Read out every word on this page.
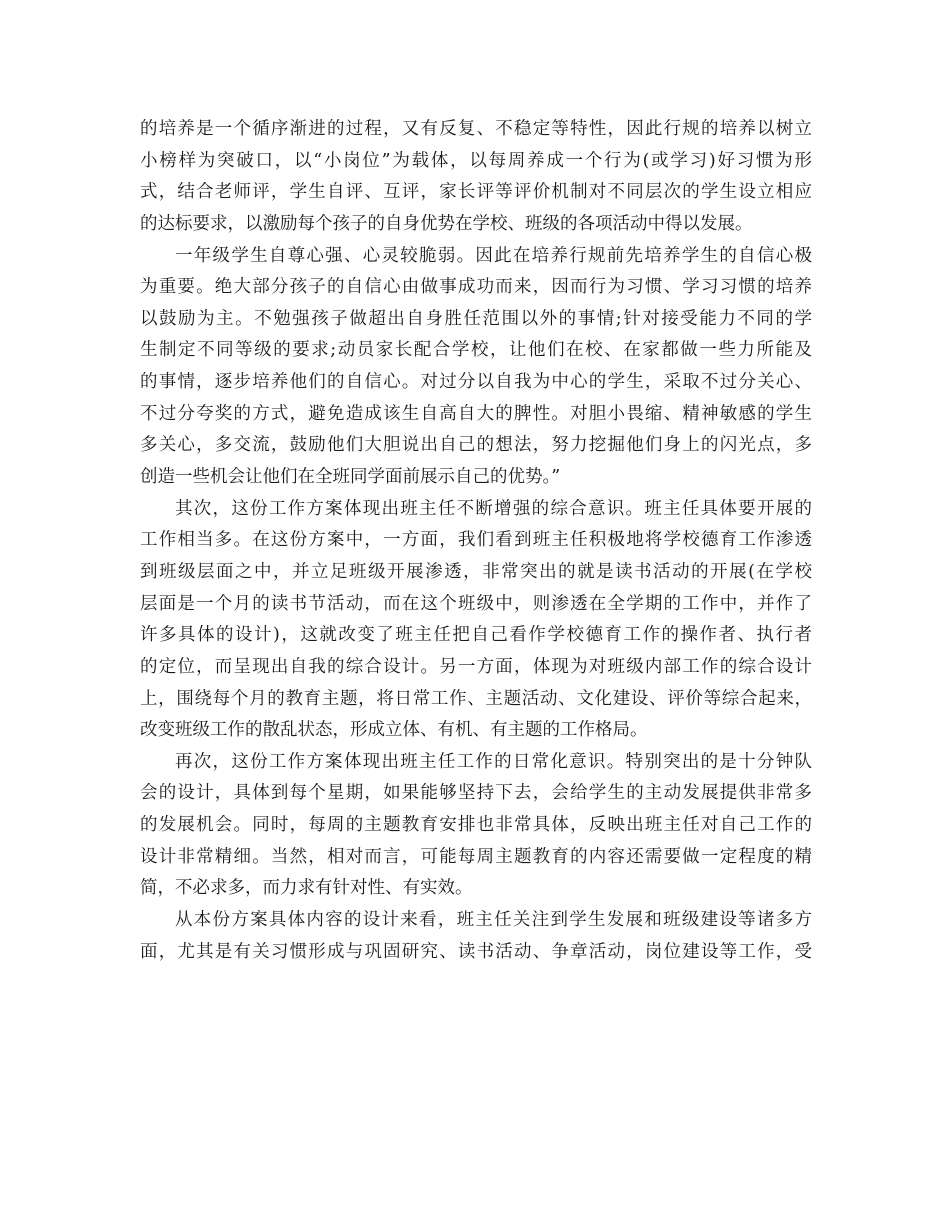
的培养是一个循序渐进的过程，又有反复、不稳定等特性，因此行规的培养以树立
小榜样为突破口，以“小岗位”为载体，以每周养成一个行为(或学习)好习惯为形
式，结合老师评，学生自评、互评，家长评等评价机制对不同层次的学生设立相应
的达标要求，以激励每个孩子的自身优势在学校、班级的各项活动中得以发展。
一年级学生自尊心强、心灵较脆弱。因此在培养行规前先培养学生的自信心极
为重要。绝大部分孩子的自信心由做事成功而来，因而行为习惯、学习习惯的培养
以鼓励为主。不勉强孩子做超出自身胜任范围以外的事情;针对接受能力不同的学
生制定不同等级的要求;动员家长配合学校，让他们在校、在家都做一些力所能及
的事情，逐步培养他们的自信心。对过分以自我为中心的学生，采取不过分关心、
不过分夸奖的方式，避免造成该生自高自大的脾性。对胆小畏缩、精神敏感的学生
多关心，多交流，鼓励他们大胆说出自己的想法，努力挖掘他们身上的闪光点，多
创造一些机会让他们在全班同学面前展示自己的优势。”
其次，这份工作方案体现出班主任不断增强的综合意识。班主任具体要开展的
工作相当多。在这份方案中，一方面，我们看到班主任积极地将学校德育工作渗透
到班级层面之中，并立足班级开展渗透，非常突出的就是读书活动的开展(在学校
层面是一个月的读书节活动，而在这个班级中，则渗透在全学期的工作中，并作了
许多具体的设计)，这就改变了班主任把自己看作学校德育工作的操作者、执行者
的定位，而呈现出自我的综合设计。另一方面，体现为对班级内部工作的综合设计
上，围绕每个月的教育主题，将日常工作、主题活动、文化建设、评价等综合起来，
改变班级工作的散乱状态，形成立体、有机、有主题的工作格局。
再次，这份工作方案体现出班主任工作的日常化意识。特别突出的是十分钟队
会的设计，具体到每个星期，如果能够坚持下去，会给学生的主动发展提供非常多
的发展机会。同时，每周的主题教育安排也非常具体，反映出班主任对自己工作的
设计非常精细。当然，相对而言，可能每周主题教育的内容还需要做一定程度的精
简，不必求多，而力求有针对性、有实效。
从本份方案具体内容的设计来看，班主任关注到学生发展和班级建设等诸多方
面，尤其是有关习惯形成与巩固研究、读书活动、争章活动，岗位建设等工作，受
